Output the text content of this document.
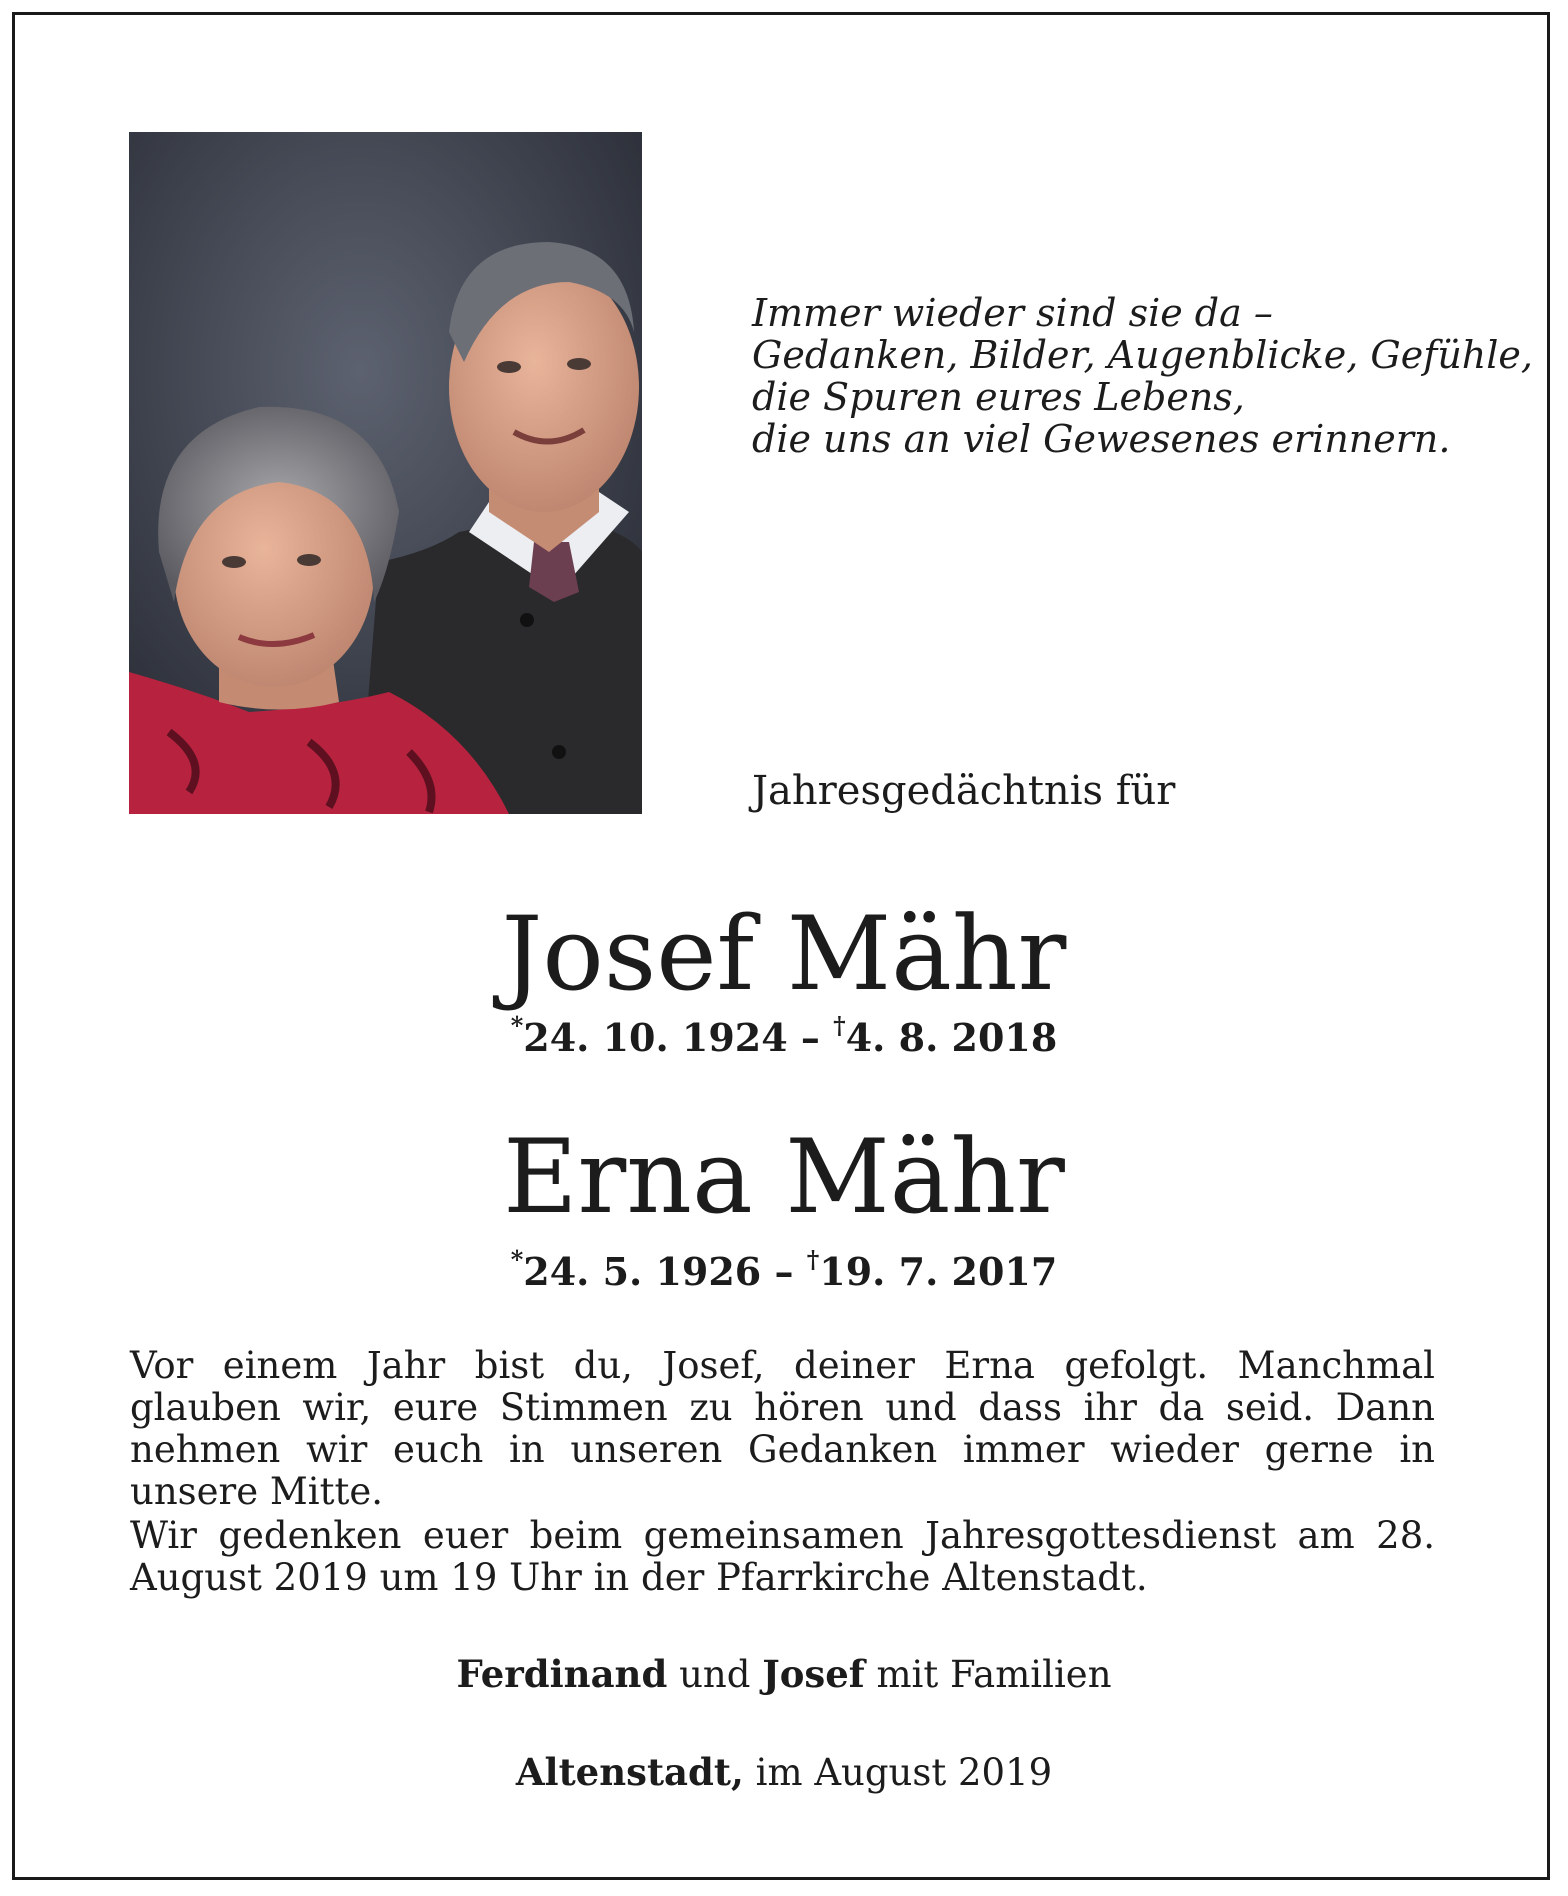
Immer wieder sind sie da –
Gedanken, Bilder, Augenblicke, Gefühle,
die Spuren eures Lebens,
die uns an viel Gewesenes erinnern.
Jahresgedächtnis für
Josef Mähr
*24. 10. 1924 – †4. 8. 2018
Erna Mähr
*24. 5. 1926 – †19. 7. 2017
Vor einem Jahr bist du, Josef, deiner Erna gefolgt. Manchmal glauben wir, eure Stimmen zu hören und dass ihr da seid. Dann nehmen wir euch in unseren Gedanken immer wieder gerne in unsere Mitte.
Wir gedenken euer beim gemeinsamen Jahresgottesdienst am 28. August 2019 um 19 Uhr in der Pfarrkirche Altenstadt.
Ferdinand und Josef mit Familien
Altenstadt, im August 2019
